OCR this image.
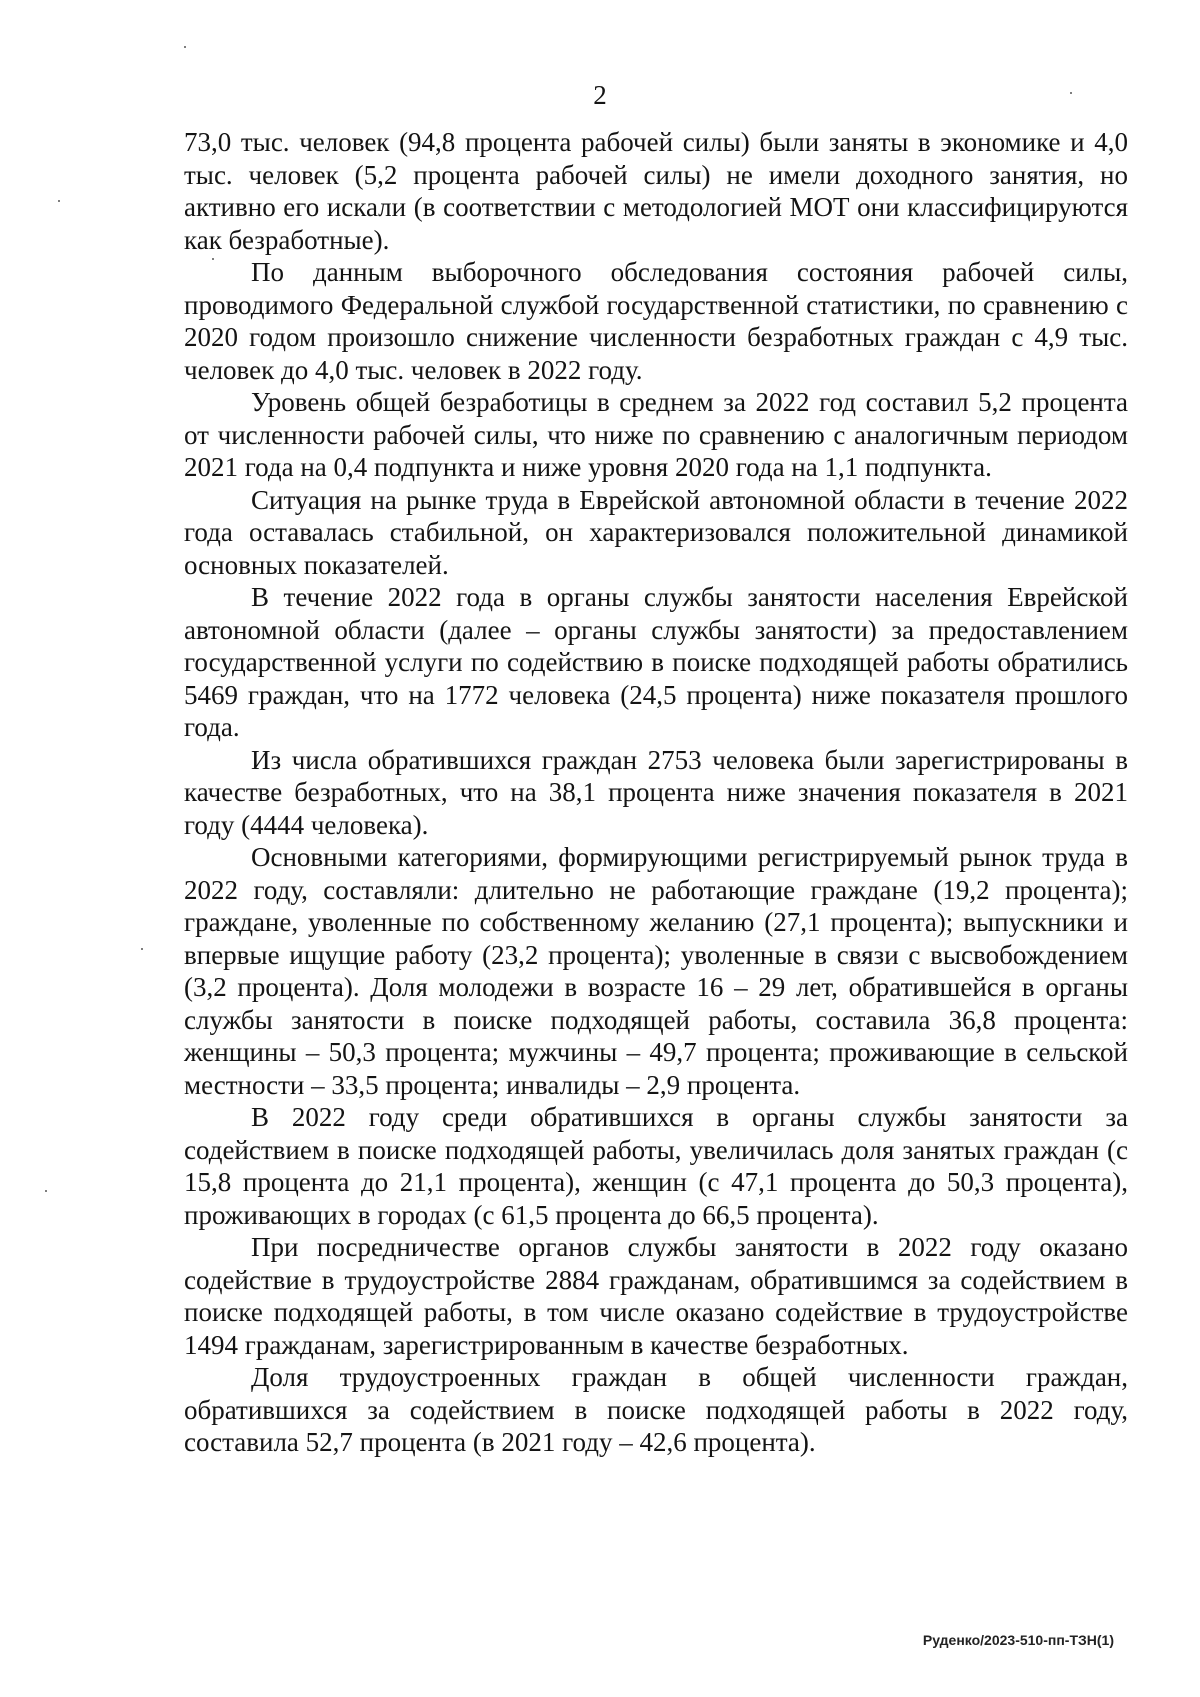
2

73,0 тыс. человек (94,8 процента рабочей силы) были заняты в экономике и 4,0 тыс. человек (5,2 процента рабочей силы) не имели доходного занятия, но активно его искали (в соответствии с методологией МОТ они классифицируются как безработные).

По данным выборочного обследования состояния рабочей силы, проводимого Федеральной службой государственной статистики, по сравнению с 2020 годом произошло снижение численности безработных граждан с 4,9 тыс. человек до 4,0 тыс. человек в 2022 году.

Уровень общей безработицы в среднем за 2022 год составил 5,2 процента от численности рабочей силы, что ниже по сравнению с аналогичным периодом 2021 года на 0,4 подпункта и ниже уровня 2020 года на 1,1 подпункта.

Ситуация на рынке труда в Еврейской автономной области в течение 2022 года оставалась стабильной, он характеризовался положительной динамикой основных показателей.

В течение 2022 года в органы службы занятости населения Еврейской автономной области (далее – органы службы занятости) за предоставлением государственной услуги по содействию в поиске подходящей работы обратились 5469 граждан, что на 1772 человека (24,5 процента) ниже показателя прошлого года.

Из числа обратившихся граждан 2753 человека были зарегистрированы в качестве безработных, что на 38,1 процента ниже значения показателя в 2021 году (4444 человека).

Основными категориями, формирующими регистрируемый рынок труда в 2022 году, составляли: длительно не работающие граждане (19,2 процента); граждане, уволенные по собственному желанию (27,1 процента); выпускники и впервые ищущие работу (23,2 процента); уволенные в связи с высвобождением (3,2 процента). Доля молодежи в возрасте 16 – 29 лет, обратившейся в органы службы занятости в поиске подходящей работы, составила 36,8 процента: женщины – 50,3 процента; мужчины – 49,7 процента; проживающие в сельской местности – 33,5 процента; инвалиды – 2,9 процента.

В 2022 году среди обратившихся в органы службы занятости за содействием в поиске подходящей работы, увеличилась доля занятых граждан (с 15,8 процента до 21,1 процента), женщин (с 47,1 процента до 50,3 процента), проживающих в городах (с 61,5 процента до 66,5 процента).

При посредничестве органов службы занятости в 2022 году оказано содействие в трудоустройстве 2884 гражданам, обратившимся за содействием в поиске подходящей работы, в том числе оказано содействие в трудоустройстве 1494 гражданам, зарегистрированным в качестве безработных.

Доля трудоустроенных граждан в общей численности граждан, обратившихся за содействием в поиске подходящей работы в 2022 году, составила 52,7 процента (в 2021 году – 42,6 процента).

Руденко/2023-510-пп-ТЗН(1)
